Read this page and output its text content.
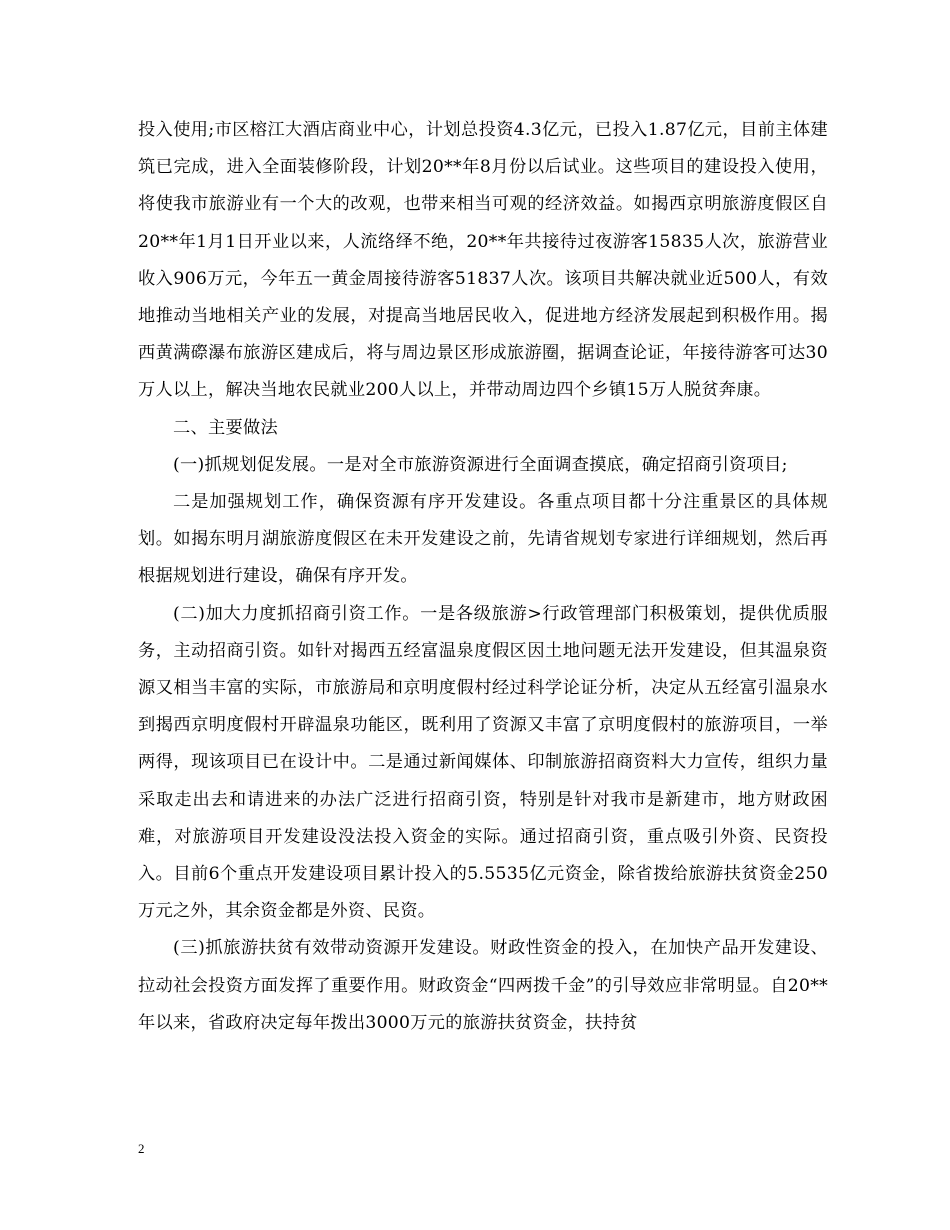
投入使用;市区榕江大酒店商业中心，计划总投资4.3亿元，已投入1.87亿元，目前主体建筑已完成，进入全面装修阶段，计划20**年8月份以后试业。这些项目的建设投入使用，将使我市旅游业有一个大的改观，也带来相当可观的经济效益。如揭西京明旅游度假区自20**年1月1日开业以来，人流络绎不绝，20**年共接待过夜游客15835人次，旅游营业收入906万元，今年五一黄金周接待游客51837人次。该项目共解决就业近500人，有效地推动当地相关产业的发展，对提高当地居民收入，促进地方经济发展起到积极作用。揭西黄满磜瀑布旅游区建成后，将与周边景区形成旅游圈，据调查论证，年接待游客可达30万人以上，解决当地农民就业200人以上，并带动周边四个乡镇15万人脱贫奔康。

二、主要做法

(一)抓规划促发展。一是对全市旅游资源进行全面调查摸底，确定招商引资项目;

二是加强规划工作，确保资源有序开发建设。各重点项目都十分注重景区的具体规划。如揭东明月湖旅游度假区在未开发建设之前，先请省规划专家进行详细规划，然后再根据规划进行建设，确保有序开发。

(二)加大力度抓招商引资工作。一是各级旅游>行政管理部门积极策划，提供优质服务，主动招商引资。如针对揭西五经富温泉度假区因土地问题无法开发建设，但其温泉资源又相当丰富的实际，市旅游局和京明度假村经过科学论证分析，决定从五经富引温泉水到揭西京明度假村开辟温泉功能区，既利用了资源又丰富了京明度假村的旅游项目，一举两得，现该项目已在设计中。二是通过新闻媒体、印制旅游招商资料大力宣传，组织力量采取走出去和请进来的办法广泛进行招商引资，特别是针对我市是新建市，地方财政困难，对旅游项目开发建设没法投入资金的实际。通过招商引资，重点吸引外资、民资投入。目前6个重点开发建设项目累计投入的5.5535亿元资金，除省拨给旅游扶贫资金250万元之外，其余资金都是外资、民资。

(三)抓旅游扶贫有效带动资源开发建设。财政性资金的投入，在加快产品开发建设、拉动社会投资方面发挥了重要作用。财政资金“四两拨千金”的引导效应非常明显。自20**年以来，省政府决定每年拨出3000万元的旅游扶贫资金，扶持贫

2
